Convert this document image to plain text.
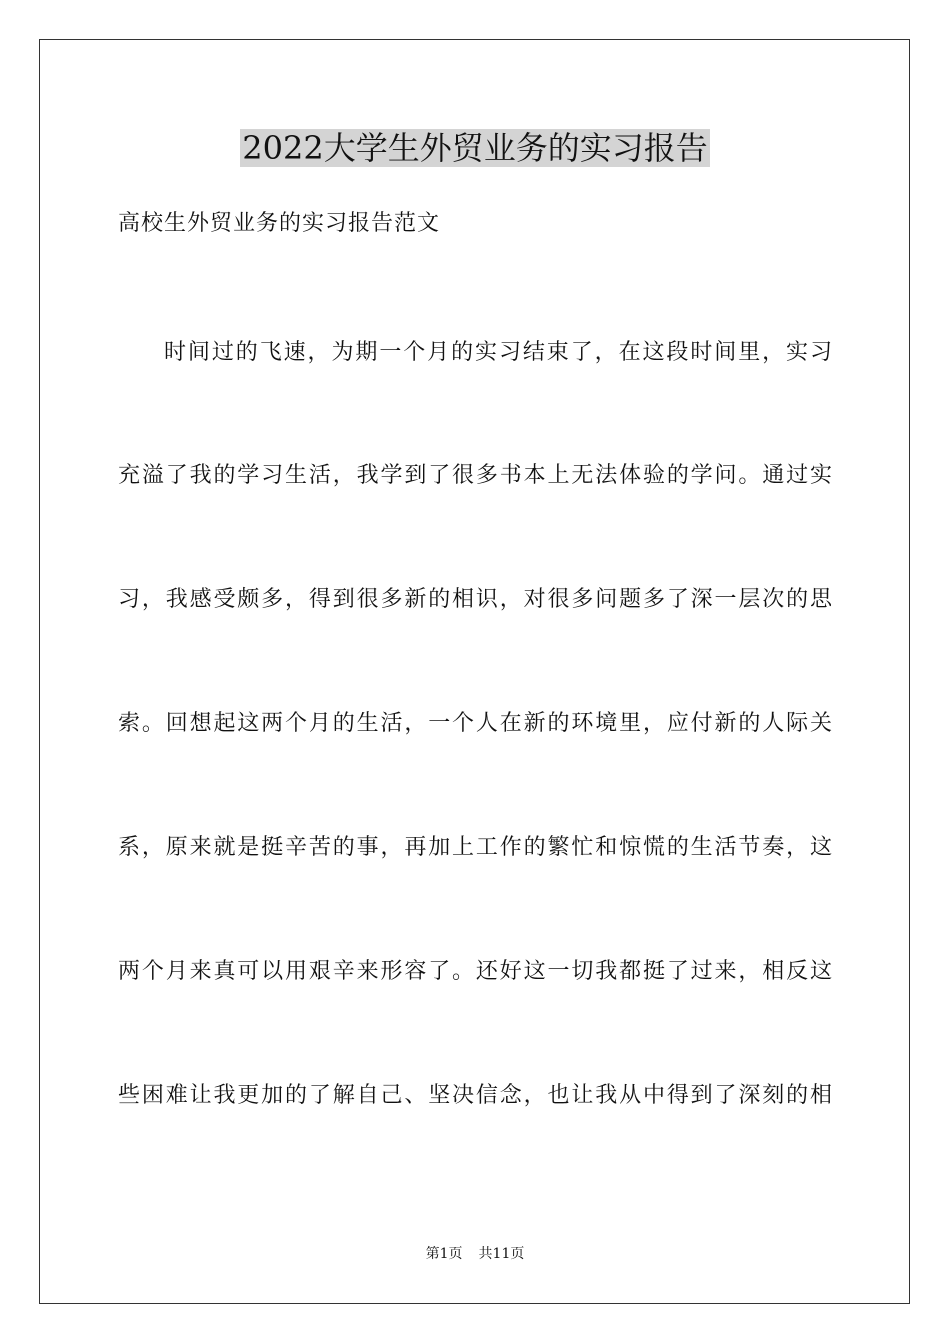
2022大学生外贸业务的实习报告
高校生外贸业务的实习报告范文
时间过的飞速，为期一个月的实习结束了，在这段时间里，实习
充溢了我的学习生活，我学到了很多书本上无法体验的学问。通过实
习，我感受颇多，得到很多新的相识，对很多问题多了深一层次的思
索。回想起这两个月的生活，一个人在新的环境里，应付新的人际关
系，原来就是挺辛苦的事，再加上工作的繁忙和惊慌的生活节奏，这
两个月来真可以用艰辛来形容了。还好这一切我都挺了过来，相反这
些困难让我更加的了解自己、坚决信念，也让我从中得到了深刻的相
第1页 共11页
